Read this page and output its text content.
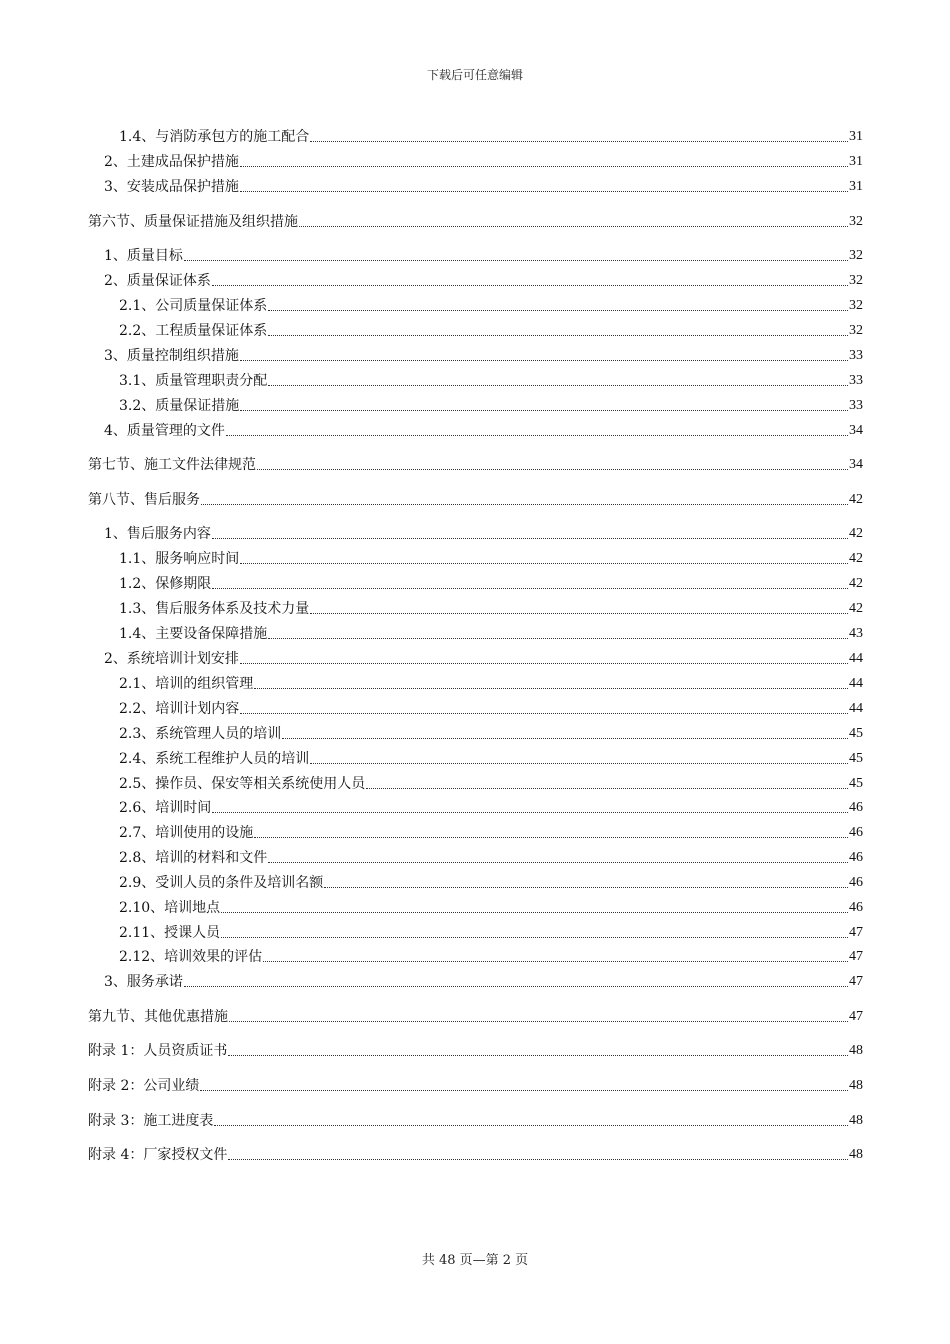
下载后可任意编辑
1.4、与消防承包方的施工配合	31
2、土建成品保护措施	31
3、安装成品保护措施	31
第六节、质量保证措施及组织措施	32
1、质量目标	32
2、质量保证体系	32
2.1、公司质量保证体系	32
2.2、工程质量保证体系	32
3、质量控制组织措施	33
3.1、质量管理职责分配	33
3.2、质量保证措施	33
4、质量管理的文件	34
第七节、施工文件法律规范	34
第八节、售后服务	42
1、售后服务内容	42
1.1、服务响应时间	42
1.2、保修期限	42
1.3、售后服务体系及技术力量	42
1.4、主要设备保障措施	43
2、系统培训计划安排	44
2.1、培训的组织管理	44
2.2、培训计划内容	44
2.3、系统管理人员的培训	45
2.4、系统工程维护人员的培训	45
2.5、操作员、保安等相关系统使用人员	45
2.6、培训时间	46
2.7、培训使用的设施	46
2.8、培训的材料和文件	46
2.9、受训人员的条件及培训名额	46
2.10、培训地点	46
2.11、授课人员	47
2.12、培训效果的评估	47
3、服务承诺	47
第九节、其他优惠措施	47
附录 1：人员资质证书	48
附录 2：公司业绩	48
附录 3：施工进度表	48
附录 4：厂家授权文件	48
共 48 页—第 2 页
